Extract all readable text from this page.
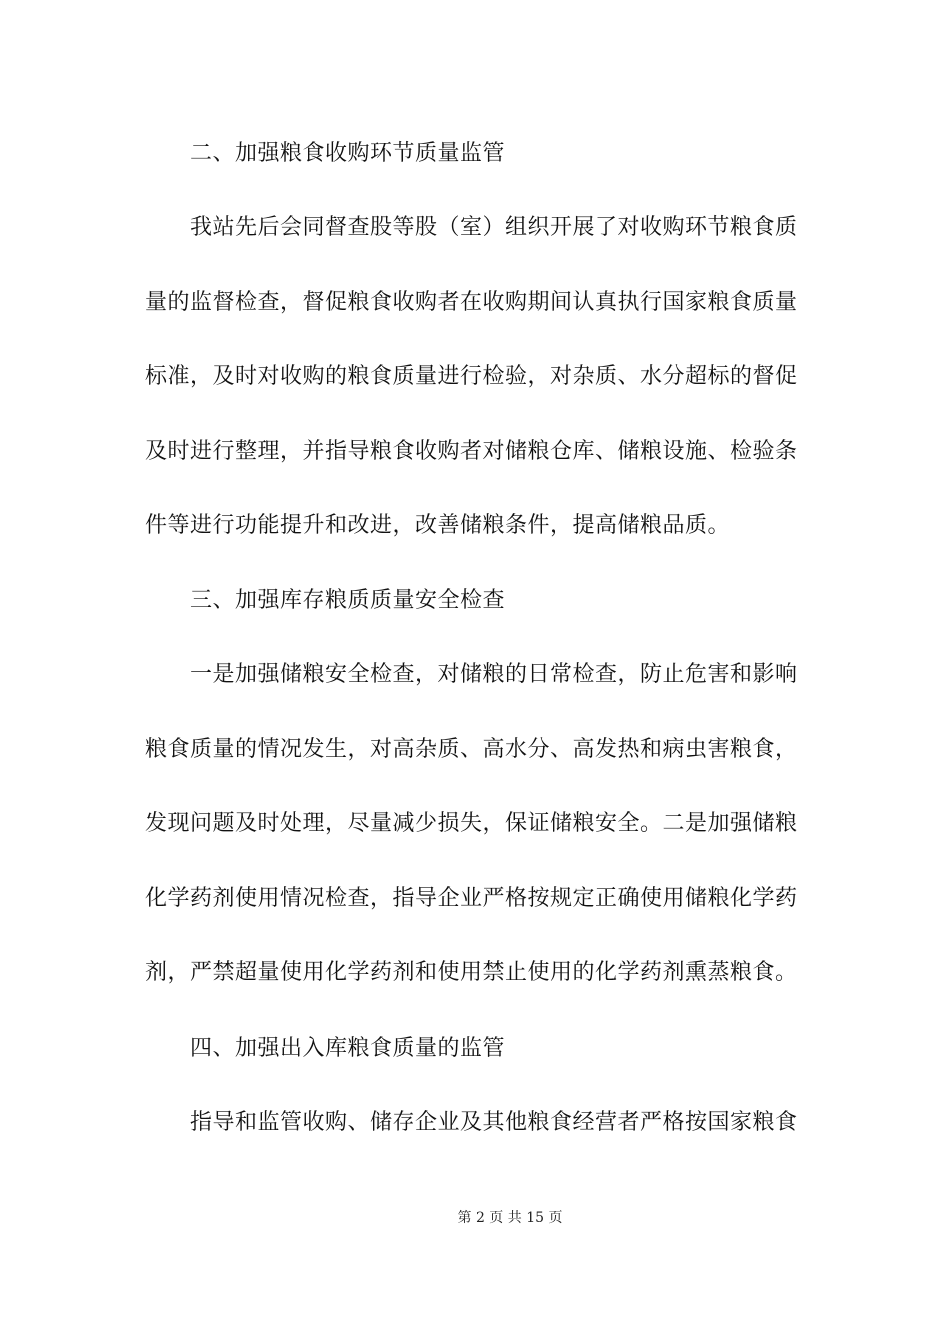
二、加强粮食收购环节质量监管
我站先后会同督查股等股（室）组织开展了对收购环节粮食质
量的监督检查，督促粮食收购者在收购期间认真执行国家粮食质量
标准，及时对收购的粮食质量进行检验，对杂质、水分超标的督促
及时进行整理，并指导粮食收购者对储粮仓库、储粮设施、检验条
件等进行功能提升和改进，改善储粮条件，提高储粮品质。
三、加强库存粮质质量安全检查
一是加强储粮安全检查，对储粮的日常检查，防止危害和影响
粮食质量的情况发生，对高杂质、高水分、高发热和病虫害粮食，
发现问题及时处理，尽量减少损失，保证储粮安全。二是加强储粮
化学药剂使用情况检查，指导企业严格按规定正确使用储粮化学药
剂，严禁超量使用化学药剂和使用禁止使用的化学药剂熏蒸粮食。
四、加强出入库粮食质量的监管
指导和监管收购、储存企业及其他粮食经营者严格按国家粮食
第 2 页 共 15 页
